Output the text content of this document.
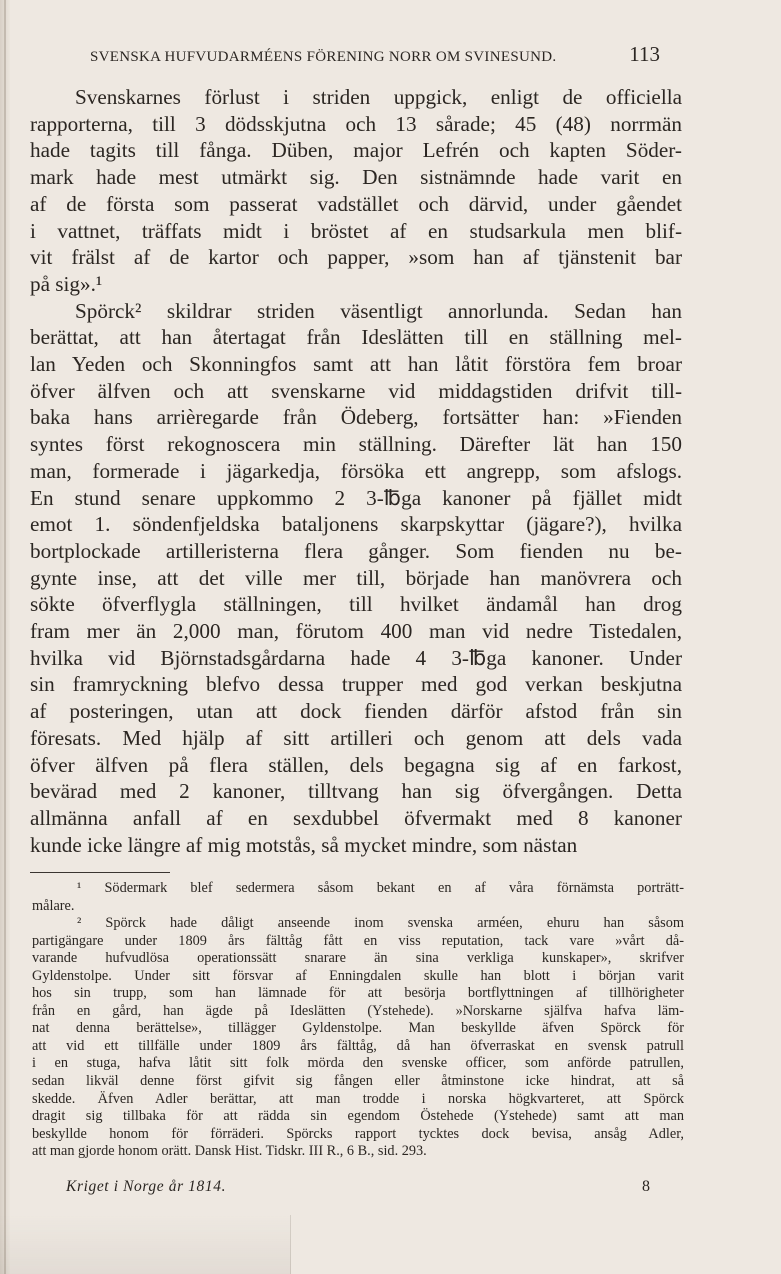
SVENSKA HUFVUDARMÉENS FÖRENING NORR OM SVINESUND.	113
Svenskarnes förlust i striden uppgick, enligt de officiella
rapporterna, till 3 dödsskjutna och 13 sårade; 45 (48) norrmän
hade tagits till fånga. Düben, major Lefrén och kapten Söder-
mark hade mest utmärkt sig. Den sistnämnde hade varit en
af de första som passerat vadstället och därvid, under gåendet
i vattnet, träffats midt i bröstet af en studsarkula men blif-
vit frälst af de kartor och papper, »som han af tjänstenit bar
på sig».¹
Spörck² skildrar striden väsentligt annorlunda. Sedan han
berättat, att han återtagat från Ideslätten till en ställning mel-
lan Yeden och Skonningfos samt att han låtit förstöra fem broar
öfver älfven och att svenskarne vid middagstiden drifvit till-
baka hans arrièregarde från Ödeberg, fortsätter han: »Fienden
syntes först rekognoscera min ställning. Därefter lät han 150
man, formerade i jägarkedja, försöka ett angrepp, som afslogs.
En stund senare uppkommo 2 3-℔ga kanoner på fjället midt
emot 1. söndenfjeldska bataljonens skarpskyttar (jägare?), hvilka
bortplockade artilleristerna flera gånger. Som fienden nu be-
gynte inse, att det ville mer till, började han manövrera och
sökte öfverflygla ställningen, till hvilket ändamål han drog
fram mer än 2,000 man, förutom 400 man vid nedre Tistedalen,
hvilka vid Björnstadsgårdarna hade 4 3-℔ga kanoner. Under
sin framryckning blefvo dessa trupper med god verkan beskjutna
af posteringen, utan att dock fienden därför afstod från sin
föresats. Med hjälp af sitt artilleri och genom att dels vada
öfver älfven på flera ställen, dels begagna sig af en farkost,
bevärad med 2 kanoner, tilltvang han sig öfvergången. Detta
allmänna anfall af en sexdubbel öfvermakt med 8 kanoner
kunde icke längre af mig motstås, så mycket mindre, som nästan
¹ Södermark blef sedermera såsom bekant en af våra förnämsta porträtt-
målare.
² Spörck hade dåligt anseende inom svenska arméen, ehuru han såsom
partigängare under 1809 års fälttåg fått en viss reputation, tack vare »vårt då-
varande hufvudlösa operationssätt snarare än sina verkliga kunskaper», skrifver
Gyldenstolpe. Under sitt försvar af Enningdalen skulle han blott i början varit
hos sin trupp, som han lämnade för att besörja bortflyttningen af tillhörigheter
från en gård, han ägde på Ideslätten (Ystehede). »Norskarne själfva hafva läm-
nat denna berättelse», tillägger Gyldenstolpe. Man beskyllde äfven Spörck för
att vid ett tillfälle under 1809 års fälttåg, då han öfverraskat en svensk patrull
i en stuga, hafva låtit sitt folk mörda den svenske officer, som anförde patrullen,
sedan likväl denne först gifvit sig fången eller åtminstone icke hindrat, att så
skedde. Äfven Adler berättar, att man trodde i norska högkvarteret, att Spörck
dragit sig tillbaka för att rädda sin egendom Östehede (Ystehede) samt att man
beskyllde honom för förräderi. Spörcks rapport tycktes dock bevisa, ansåg Adler,
att man gjorde honom orätt. Dansk Hist. Tidskr. III R., 6 B., sid. 293.
Kriget i Norge år 1814.	8
